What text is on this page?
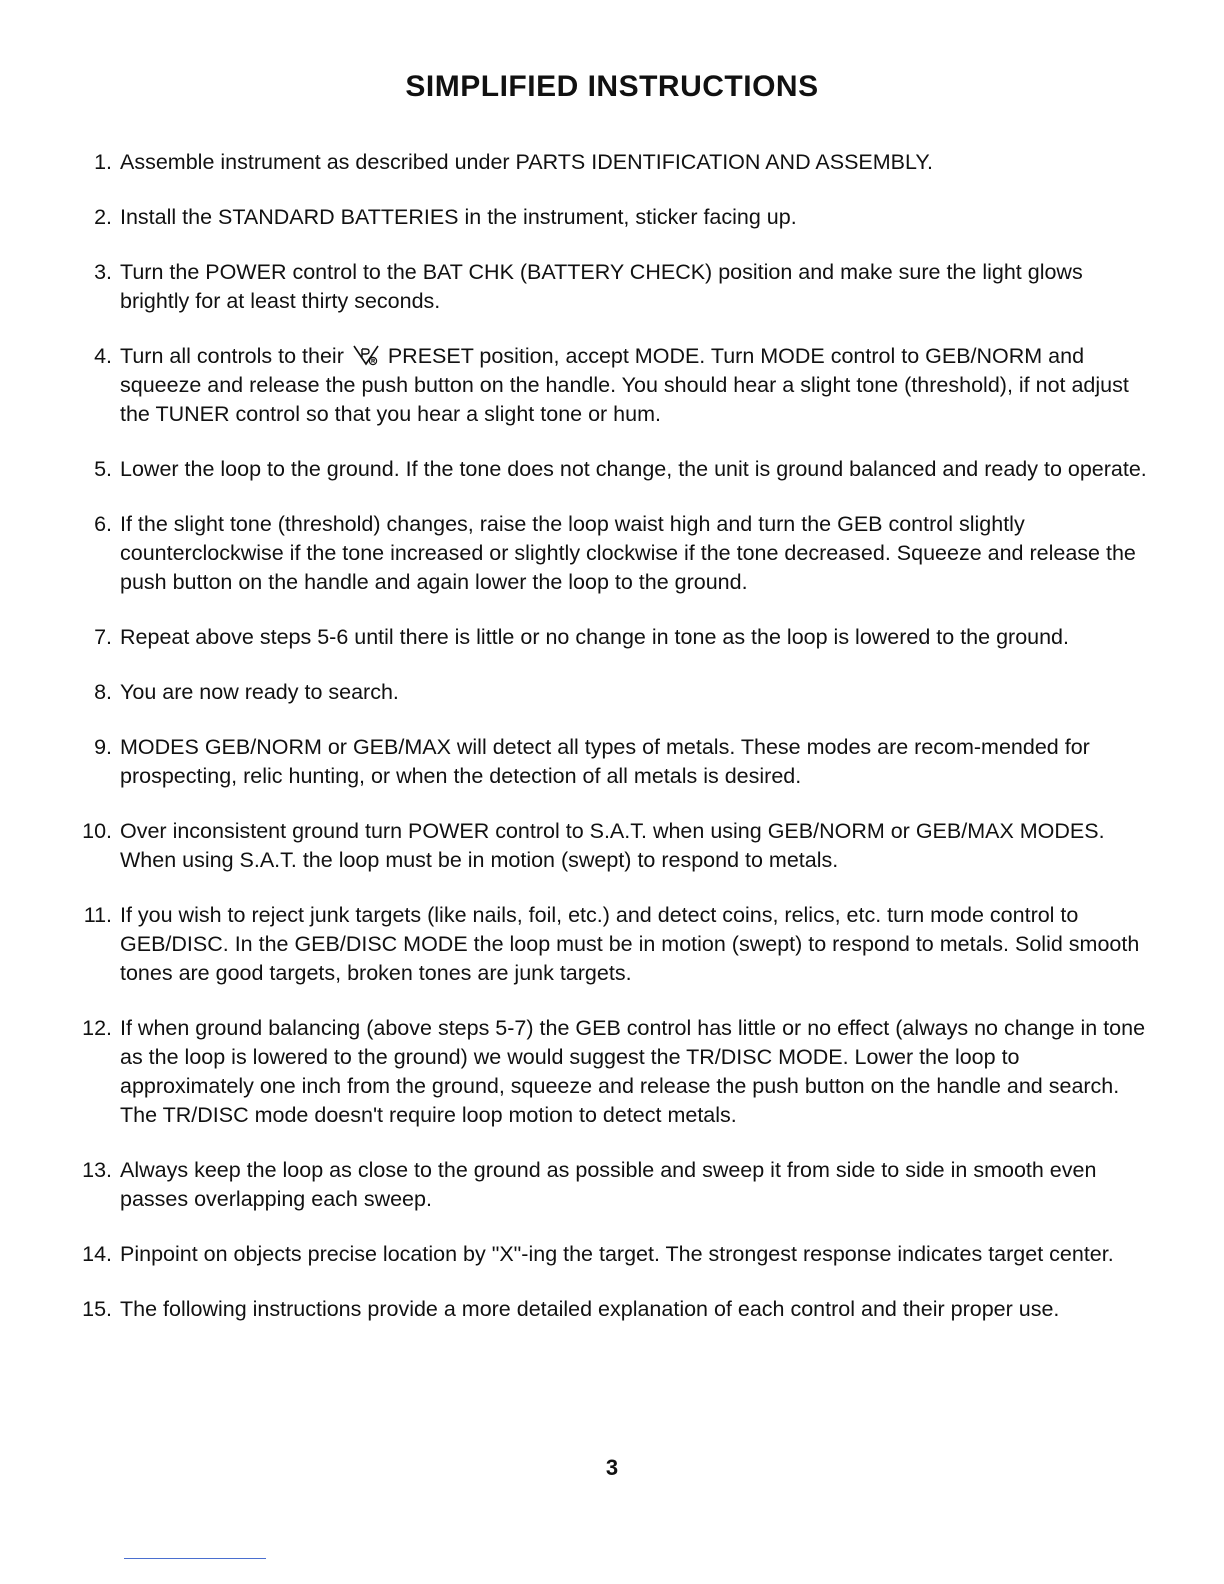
SIMPLIFIED INSTRUCTIONS
1. Assemble instrument as described under PARTS IDENTIFICATION AND ASSEMBLY.
2. Install the STANDARD BATTERIES in the instrument, sticker facing up.
3. Turn the POWER control to the BAT CHK (BATTERY CHECK) position and make sure the light glows brightly for at least thirty seconds.
4. Turn all controls to their PRESET position, accept MODE. Turn MODE control to GEB/NORM and squeeze and release the push button on the handle. You should hear a slight tone (threshold), if not adjust the TUNER control so that you hear a slight tone or hum.
5. Lower the loop to the ground. If the tone does not change, the unit is ground balanced and ready to operate.
6. If the slight tone (threshold) changes, raise the loop waist high and turn the GEB control slightly counterclockwise if the tone increased or slightly clockwise if the tone decreased. Squeeze and release the push button on the handle and again lower the loop to the ground.
7. Repeat above steps 5-6 until there is little or no change in tone as the loop is lowered to the ground.
8. You are now ready to search.
9. MODES GEB/NORM or GEB/MAX will detect all types of metals. These modes are recom-mended for prospecting, relic hunting, or when the detection of all metals is desired.
10. Over inconsistent ground turn POWER control to S.A.T. when using GEB/NORM or GEB/MAX MODES. When using S.A.T. the loop must be in motion (swept) to respond to metals.
11. If you wish to reject junk targets (like nails, foil, etc.) and detect coins, relics, etc. turn mode control to GEB/DISC. In the GEB/DISC MODE the loop must be in motion (swept) to respond to metals. Solid smooth tones are good targets, broken tones are junk targets.
12. If when ground balancing (above steps 5-7) the GEB control has little or no effect (always no change in tone as the loop is lowered to the ground) we would suggest the TR/DISC MODE. Lower the loop to approximately one inch from the ground, squeeze and release the push button on the handle and search. The TR/DISC mode doesn't require loop motion to detect metals.
13. Always keep the loop as close to the ground as possible and sweep it from side to side in smooth even passes overlapping each sweep.
14. Pinpoint on objects precise location by "X"-ing the target. The strongest response indicates target center.
15. The following instructions provide a more detailed explanation of each control and their proper use.
3
